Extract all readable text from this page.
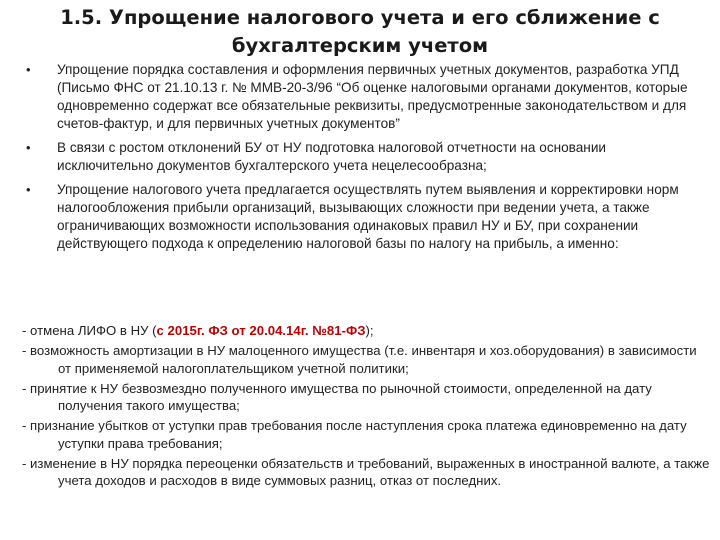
1.5. Упрощение налогового учета и его сближение с
бухгалтерским учетом
• Упрощение порядка составления и оформления первичных учетных документов, разработка УПД (Письмо ФНС от 21.10.13 г. № ММВ-20-3/96 “Об оценке налоговыми органами документов, которые одновременно содержат все обязательные реквизиты, предусмотренные законодательством и для счетов-фактур, и для первичных учетных документов”
• В связи с ростом отклонений БУ от НУ подготовка налоговой отчетности на основании исключительно документов бухгалтерского учета нецелесообразна;
• Упрощение налогового учета предлагается осуществлять путем выявления и корректировки норм налогообложения прибыли организаций, вызывающих сложности при ведении учета, а также ограничивающих возможности использования одинаковых правил НУ и БУ, при сохранении действующего подхода к определению налоговой базы по налогу на прибыль, а именно:
- отмена ЛИФО в НУ (с 2015г. ФЗ от 20.04.14г. №81-ФЗ);
- возможность амортизации в НУ малоценного имущества (т.е. инвентаря и хоз.оборудования) в зависимости от применяемой налогоплательщиком учетной политики;
- принятие к НУ безвозмездно полученного имущества по рыночной стоимости, определенной на дату получения такого имущества;
- признание убытков от уступки прав требования после наступления срока платежа единовременно на дату уступки права требования;
- изменение в НУ порядка переоценки обязательств и требований, выраженных в иностранной валюте, а также учета доходов и расходов в виде суммовых разниц, отказ от последних.
